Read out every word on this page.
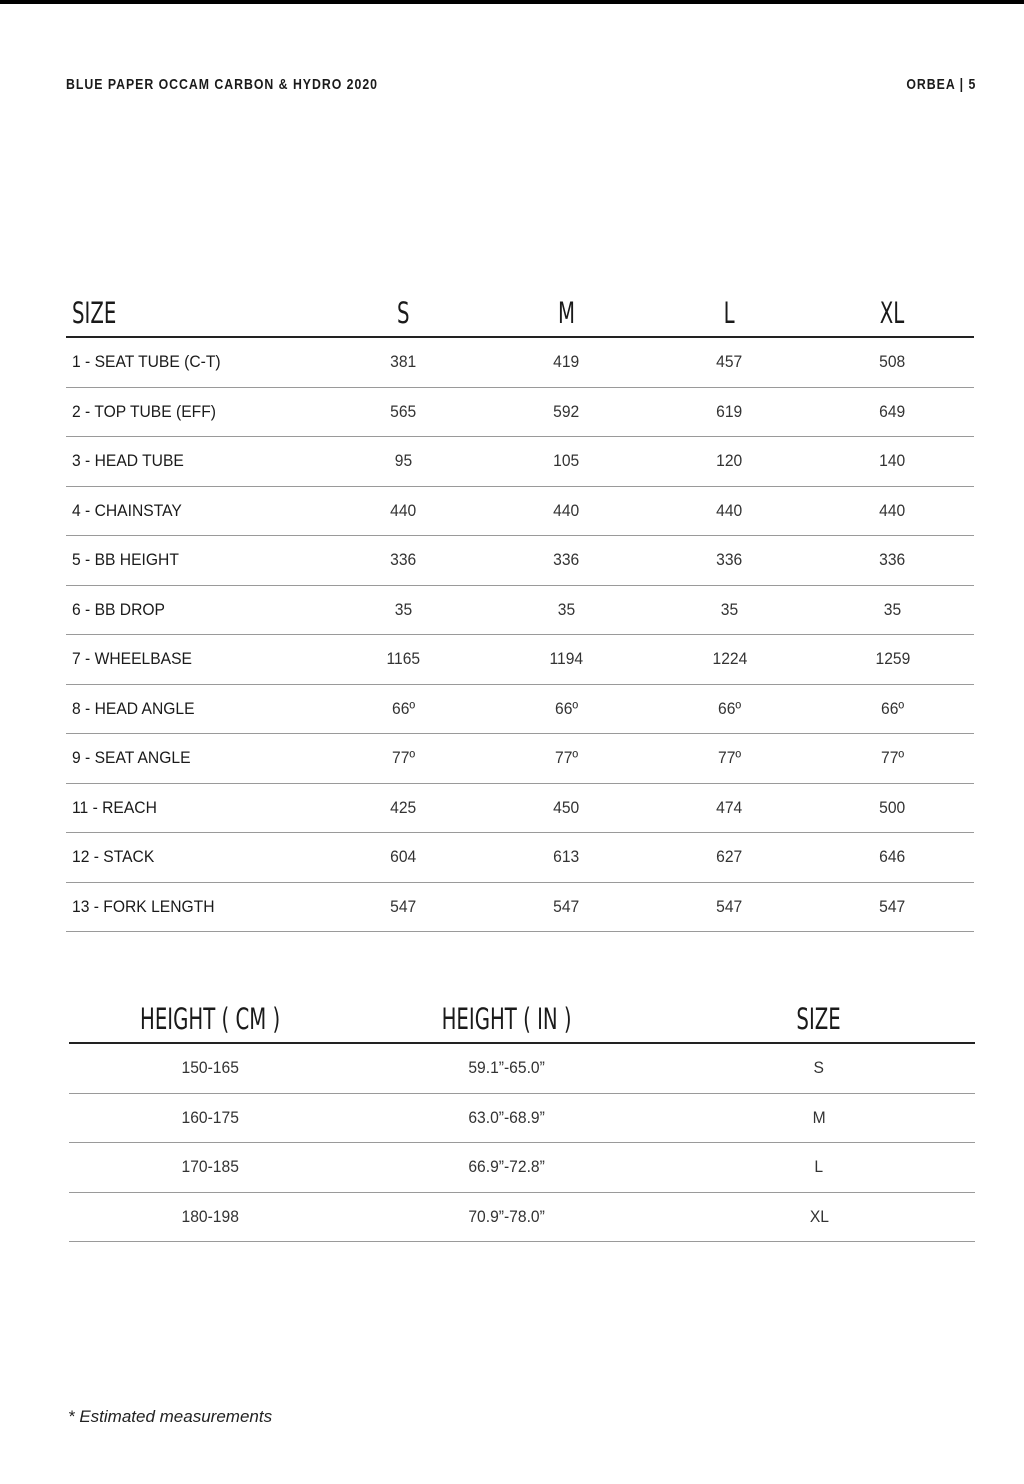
BLUE PAPER OCCAM CARBON & HYDRO 2020	ORBEA | 5
SIZE	S	M	L	XL
1 - SEAT TUBE (C-T)	381	419	457	508
2 - TOP TUBE (EFF)	565	592	619	649
3 - HEAD TUBE	95	105	120	140
4 - CHAINSTAY	440	440	440	440
5 - BB HEIGHT	336	336	336	336
6 - BB DROP	35	35	35	35
7 - WHEELBASE	1165	1194	1224	1259
8 - HEAD ANGLE	66º	66º	66º	66º
9 - SEAT ANGLE	77º	77º	77º	77º
11 - REACH	425	450	474	500
12 - STACK	604	613	627	646
13 - FORK LENGTH	547	547	547	547
HEIGHT ( CM )	HEIGHT ( IN )	SIZE
150-165	59.1”-65.0”	S
160-175	63.0”-68.9”	M
170-185	66.9”-72.8”	L
180-198	70.9”-78.0”	XL
* Estimated measurements
